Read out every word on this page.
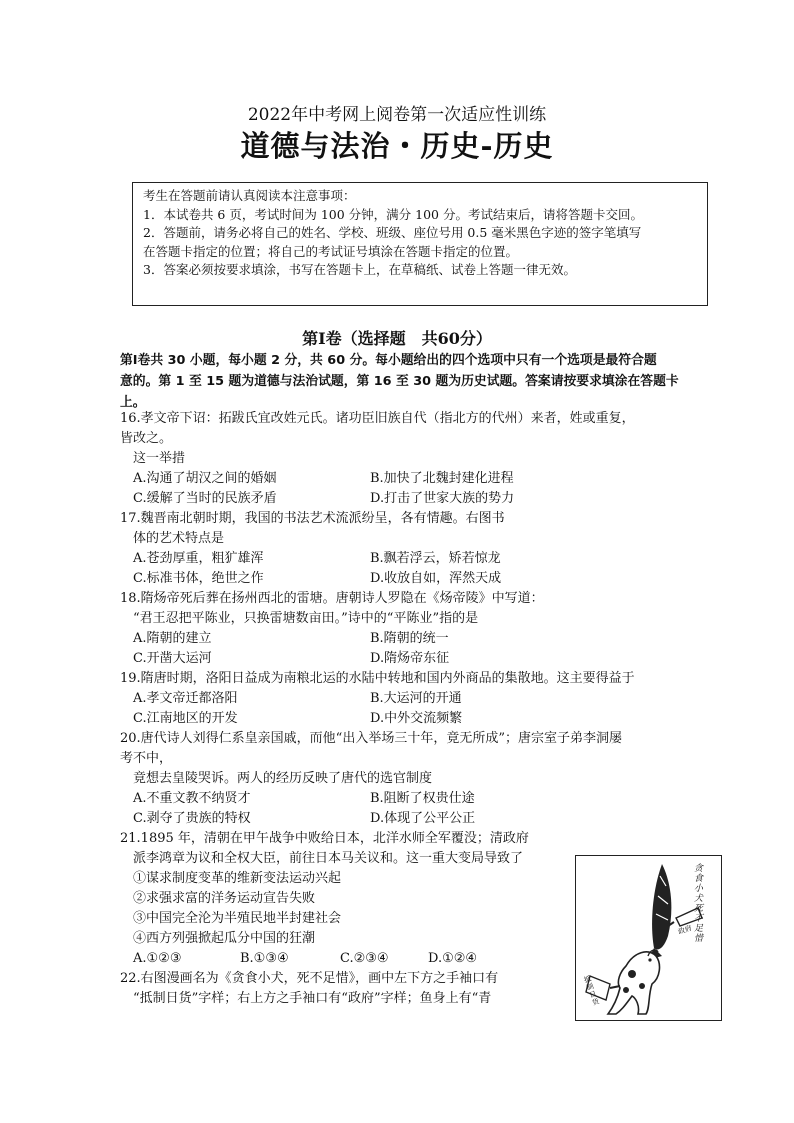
2022年中考网上阅卷第一次适应性训练
道德与法治・历史-历史
考生在答题前请认真阅读本注意事项：
1．本试卷共 6 页，考试时间为 100 分钟，满分 100 分。考试结束后，请将答题卡交回。
2．答题前，请务必将自己的姓名、学校、班级、座位号用 0.5 毫米黑色字迹的签字笔填写
在答题卡指定的位置；将自己的考试证号填涂在答题卡指定的位置。
3．答案必须按要求填涂，书写在答题卡上，在草稿纸、试卷上答题一律无效。
第Ⅰ卷（选择题　共60分）
第Ⅰ卷共 30 小题，每小题 2 分，共 60 分。每小题给出的四个选项中只有一个选项是最符合题
意的。第 1 至 15 题为道德与法治试题，第 16 至 30 题为历史试题。答案请按要求填涂在答题卡
上。
16.孝文帝下诏：拓跋氏宜改姓元氏。诸功臣旧族自代（指北方的代州）来者，姓或重复，
皆改之。
　这一举措
A.沟通了胡汉之间的婚姻	B.加快了北魏封建化进程
C.缓解了当时的民族矛盾	D.打击了世家大族的势力
17.魏晋南北朝时期，我国的书法艺术流派纷呈，各有情趣。右图书
　体的艺术特点是
A.苍劲厚重，粗犷雄浑	B.飘若浮云，矫若惊龙
C.标准书体，绝世之作	D.收放自如，浑然天成
18.隋炀帝死后葬在扬州西北的雷塘。唐朝诗人罗隐在《炀帝陵》中写道：
　“君王忍把平陈业，只换雷塘数亩田。”诗中的“平陈业”指的是
A.隋朝的建立	B.隋朝的统一
C.开凿大运河	D.隋炀帝东征
19.隋唐时期，洛阳日益成为南粮北运的水陆中转地和国内外商品的集散地。这主要得益于
A.孝文帝迁都洛阳	B.大运河的开通
C.江南地区的开发	D.中外交流频繁
20.唐代诗人刘得仁系皇亲国戚，而他“出入举场三十年，竟无所成”；唐宗室子弟李洞屡
考不中，
　竟想去皇陵哭诉。两人的经历反映了唐代的选官制度
A.不重文教不纳贤才	B.阻断了权贵仕途
C.剥夺了贵族的特权	D.体现了公平公正
21.1895 年，清朝在甲午战争中败给日本，北洋水师全军覆没；清政府
　派李鸿章为议和全权大臣，前往日本马关议和。这一重大变局导致了
　①谋求制度变革的维新变法运动兴起
　②求强求富的洋务运动宣告失败
　③中国完全沦为半殖民地半封建社会
　④西方列强掀起瓜分中国的狂潮
A.①②③	B.①③④	C.②③④	D.①②④
22.右图漫画名为《贪食小犬，死不足惜》，画中左下方之手袖口有
　“抵制日货”字样；右上方之手袖口有“政府”字样；鱼身上有“青
贪食小犬死不足惜
抵制日货
政府
